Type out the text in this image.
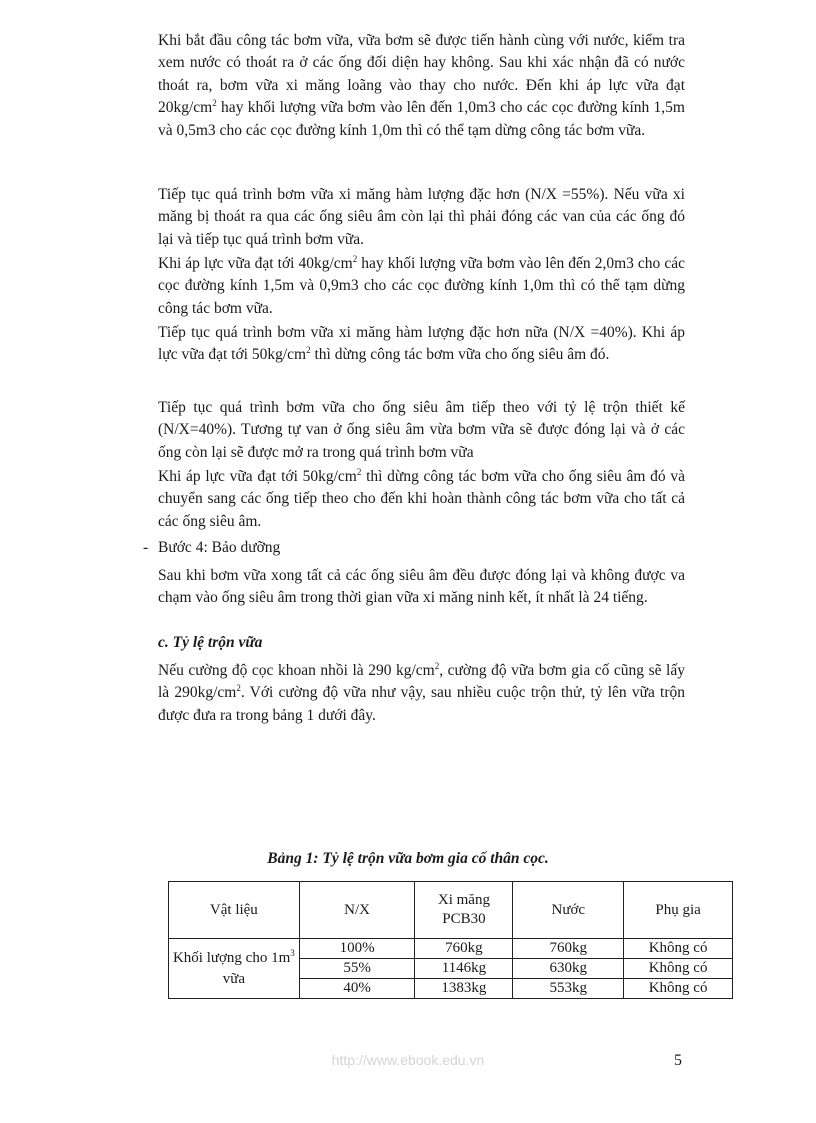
Khi bắt đầu công tác bơm vữa, vữa bơm sẽ được tiến hành cùng với nước, kiểm tra xem nước có thoát ra ở các ống đối diện hay không. Sau khi xác nhận đã có nước thoát ra, bơm vữa xi măng loãng vào thay cho nước. Đến khi áp lực vữa đạt $20kg/cm^2$ hay khối lượng vữa bơm vào lên đến 1,0m3 cho các cọc đường kính 1,5m và 0,5m3 cho các cọc đường kính 1,0m thì có thể tạm dừng công tác bơm vữa.

Tiếp tục quá trình bơm vữa xi măng hàm lượng đặc hơn (N/X =55%). Nếu vữa xi măng bị thoát ra qua các ống siêu âm còn lại thì phải đóng các van của các ống đó lại và tiếp tục quá trình bơm vữa.

Khi áp lực vữa đạt tới $40kg/cm^2$ hay khối lượng vữa bơm vào lên đến 2,0m3 cho các cọc đường kính 1,5m và 0,9m3 cho các cọc đường kính 1,0m thì có thể tạm dừng công tác bơm vữa.

Tiếp tục quá trình bơm vữa xi măng hàm lượng đặc hơn nữa (N/X =40%). Khi áp lực vữa đạt tới $50kg/cm^2$ thì dừng công tác bơm vữa cho ống siêu âm đó.

Tiếp tục quá trình bơm vữa cho ống siêu âm tiếp theo với tỷ lệ trộn thiết kế (N/X=40%). Tương tự van ở ống siêu âm vừa bơm vữa sẽ được đóng lại và ở các ống còn lại sẽ được mở ra trong quá trình bơm vữa

Khi áp lực vữa đạt tới $50kg/cm^2$ thì dừng công tác bơm vữa cho ống siêu âm đó và chuyển sang các ống tiếp theo cho đến khi hoàn thành công tác bơm vữa cho tất cả các ống siêu âm.

- Bước 4: Bảo dưỡng

Sau khi bơm vữa xong tất cả các ống siêu âm đều được đóng lại và không được va chạm vào ống siêu âm trong thời gian vữa xi măng ninh kết, ít nhất là 24 tiếng.

c. Tỷ lệ trộn vữa

Nếu cường độ cọc khoan nhồi là 290 $kg/cm^2$, cường độ vữa bơm gia cố cũng sẽ lấy là $290kg/cm^2$. Với cường độ vữa như vậy, sau nhiều cuộc trộn thử, tỷ lên vữa trộn được đưa ra trong bảng 1 dưới đây.

Bảng 1: Tỷ lệ trộn vữa bơm gia cố thân cọc.

Vật liệu	N/X	Xi măng PCB30	Nước	Phụ gia
Khối lượng cho $1m^3$ vữa	100%	760kg	760kg	Không có
	55%	1146kg	630kg	Không có
	40%	1383kg	553kg	Không có

http://www.ebook.edu.vn	5
